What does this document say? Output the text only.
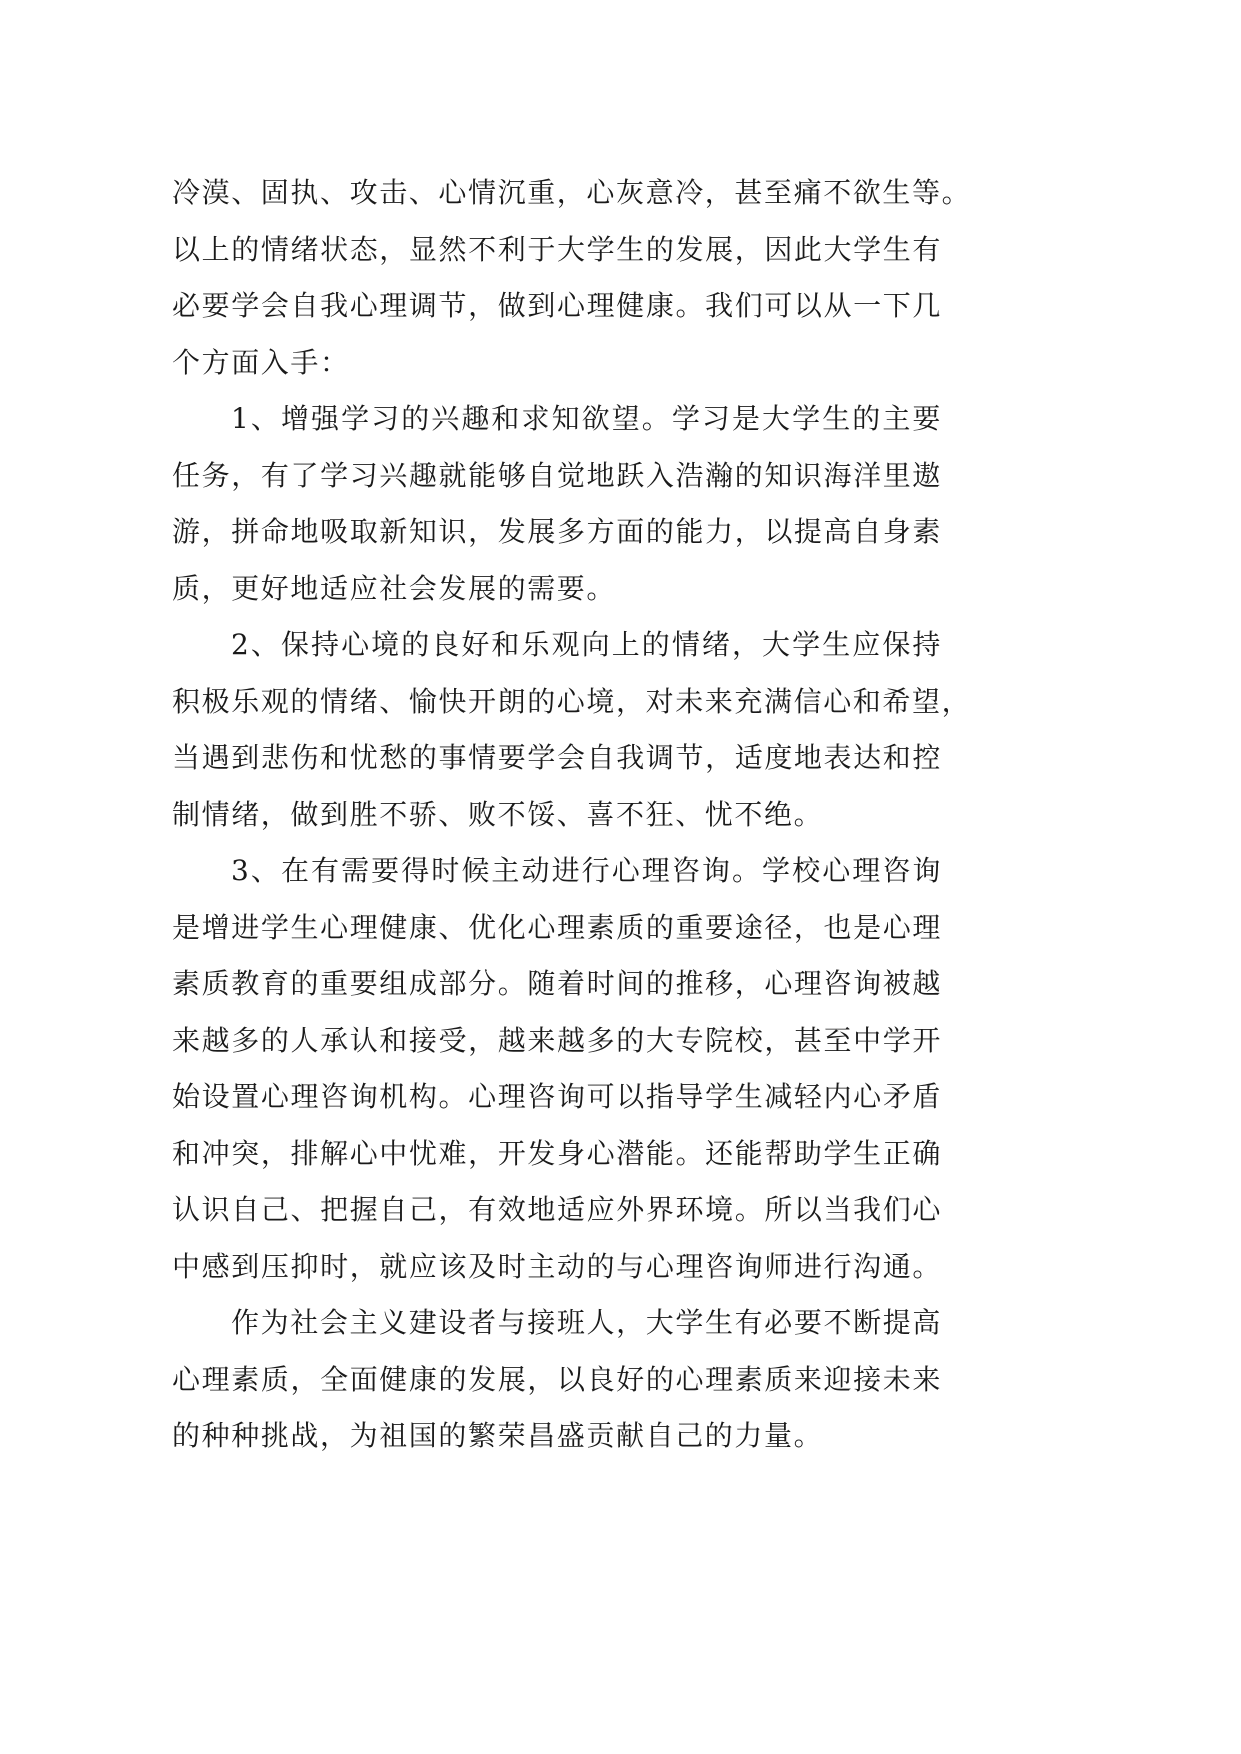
冷漠、固执、攻击、心情沉重，心灰意冷，甚至痛不欲生等。
以上的情绪状态，显然不利于大学生的发展，因此大学生有
必要学会自我心理调节，做到心理健康。我们可以从一下几
个方面入手：
1、增强学习的兴趣和求知欲望。学习是大学生的主要
任务，有了学习兴趣就能够自觉地跃入浩瀚的知识海洋里遨
游，拼命地吸取新知识，发展多方面的能力，以提高自身素
质，更好地适应社会发展的需要。
2、保持心境的良好和乐观向上的情绪，大学生应保持
积极乐观的情绪、愉快开朗的心境，对未来充满信心和希望，
当遇到悲伤和忧愁的事情要学会自我调节，适度地表达和控
制情绪，做到胜不骄、败不馁、喜不狂、忧不绝。
3、在有需要得时候主动进行心理咨询。学校心理咨询
是增进学生心理健康、优化心理素质的重要途径，也是心理
素质教育的重要组成部分。随着时间的推移，心理咨询被越
来越多的人承认和接受，越来越多的大专院校，甚至中学开
始设置心理咨询机构。心理咨询可以指导学生减轻内心矛盾
和冲突，排解心中忧难，开发身心潜能。还能帮助学生正确
认识自己、把握自己，有效地适应外界环境。所以当我们心
中感到压抑时，就应该及时主动的与心理咨询师进行沟通。
作为社会主义建设者与接班人，大学生有必要不断提高
心理素质，全面健康的发展，以良好的心理素质来迎接未来
的种种挑战，为祖国的繁荣昌盛贡献自己的力量。
